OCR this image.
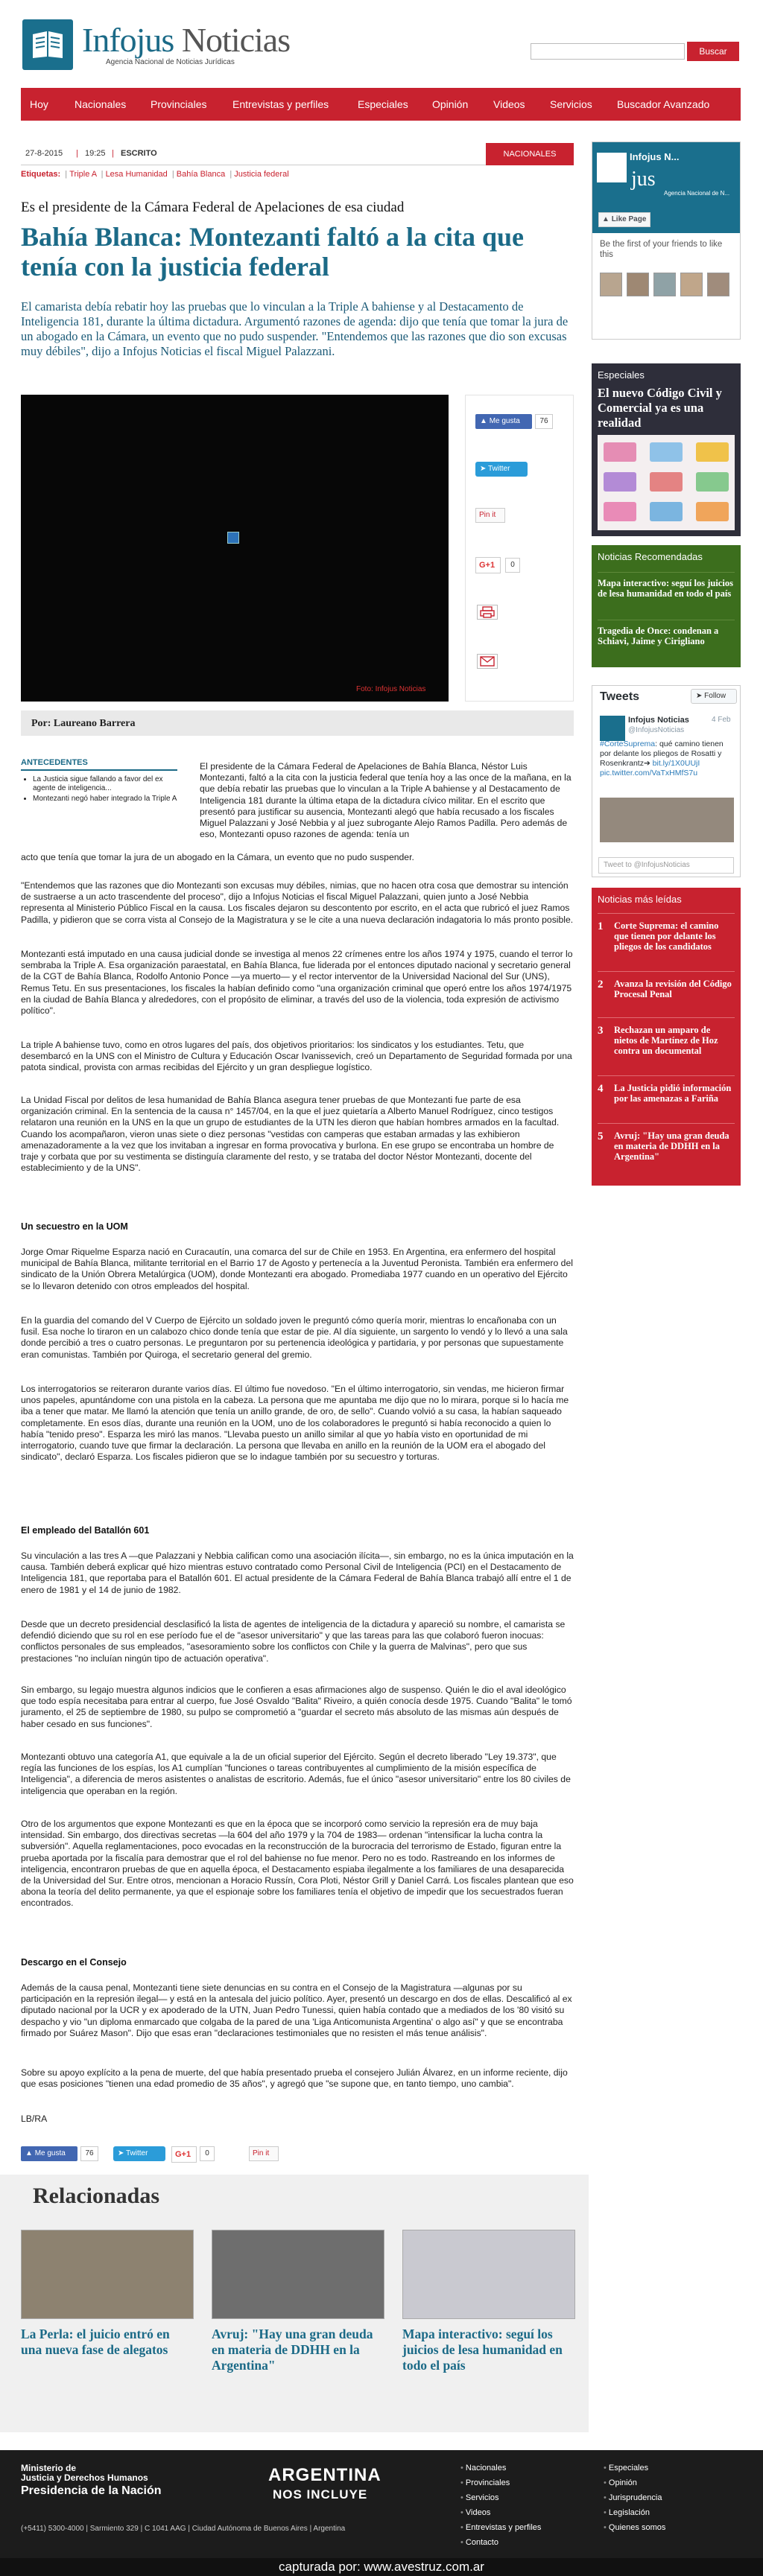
Infojus Noticias
Agencia Nacional de Noticias Jurídicas
Buscar
Hoy	Nacionales Provinciales Entrevistas y perfiles	Especiales Opinión Videos Servicios Buscador Avanzado
27-8-2015 | 19:25 | ESCRITO	NACIONALES
Etiquetas:  | Triple A  | Lesa Humanidad  | Bahía Blanca  | Justicia federal
Es el presidente de la Cámara Federal de Apelaciones de esa ciudad
Bahía Blanca: Montezanti faltó a la cita que tenía con la justicia federal

El camarista debía rebatir hoy las pruebas que lo vinculan a la Triple A bahiense y al Destacamento de Inteligencia 181, durante la última dictadura. Argumentó razones de agenda: dijo que tenía que tomar la jura de un abogado en la Cámara, un evento que no pudo suspender. "Entendemos que las razones que dio son excusas muy débiles", dijo a Infojus Noticias el fiscal Miguel Palazzani.

Foto: Infojus Noticias
▲ Me gusta	76
➤ Twitter
Pin it
G+1	0
Por: Laureano Barrera
ANTECEDENTES
• La Justicia sigue fallando a favor del ex agente de inteligencia...
• Montezanti negó haber integrado la Triple A

El presidente de la Cámara Federal de Apelaciones de Bahía Blanca, Néstor Luis Montezanti, faltó a la cita con la justicia federal que tenía hoy a las once de la mañana, en la que debía rebatir las pruebas que lo vinculan a la Triple A bahiense y al Destacamento de Inteligencia 181 durante la última etapa de la dictadura cívico militar. En el escrito que presentó para justificar su ausencia, Montezanti alegó que había recusado a los fiscales Miguel Palazzani y José Nebbia y al juez subrogante Alejo Ramos Padilla. Pero además de eso, Montezanti opuso razones de agenda: tenía un

acto que tenía que tomar la jura de un abogado en la Cámara, un evento que no pudo suspender.

"Entendemos que las razones que dio Montezanti son excusas muy débiles, nimias, que no hacen otra cosa que demostrar su intención de sustraerse a un acto trascendente del proceso", dijo a Infojus Noticias el fiscal Miguel Palazzani, quien junto a José Nebbia representa al Ministerio Público Fiscal en la causa. Los fiscales dejaron su descontento por escrito, en el acta que rubricó el juez Ramos Padilla, y pidieron que se corra vista al Consejo de la Magistratura y se le cite a una nueva declaración indagatoria lo más pronto posible.

Montezanti está imputado en una causa judicial donde se investiga al menos 22 crímenes entre los años 1974 y 1975, cuando el terror lo sembraba la Triple A. Esa organización paraestatal, en Bahía Blanca, fue liderada por el entonces diputado nacional y secretario general de la CGT de Bahía Blanca, Rodolfo Antonio Ponce —ya muerto— y el rector interventor de la Universidad Nacional del Sur (UNS), Remus Tetu. En sus presentaciones, los fiscales la habían definido como "una organización criminal que operó entre los años 1974/1975 en la ciudad de Bahía Blanca y alrededores, con el propósito de eliminar, a través del uso de la violencia, toda expresión de activismo político".

La triple A bahiense tuvo, como en otros lugares del país, dos objetivos prioritarios: los sindicatos y los estudiantes. Tetu, que desembarcó en la UNS con el Ministro de Cultura y Educación Oscar Ivanissevich, creó un Departamento de Seguridad formada por una patota sindical, provista con armas recibidas del Ejército y un gran despliegue logístico.

La Unidad Fiscal por delitos de lesa humanidad de Bahía Blanca asegura tener pruebas de que Montezanti fue parte de esa organización criminal. En la sentencia de la causa n° 1457/04, en la que el juez quietaría a Alberto Manuel Rodríguez, cinco testigos relataron una reunión en la UNS en la que un grupo de estudiantes de la UTN les dieron que habían hombres armados en la facultad. Cuando los acompañaron, vieron unas siete o diez personas "vestidas con camperas que estaban armadas y las exhibieron amenazadoramente a la vez que los invitaban a ingresar en forma provocativa y burlona. En ese grupo se encontraba un hombre de traje y corbata que por su vestimenta se distinguía claramente del resto, y se trataba del doctor Néstor Montezanti, docente del establecimiento y de la UNS".

Un secuestro en la UOM

Jorge Omar Riquelme Esparza nació en Curacautín, una comarca del sur de Chile en 1953. En Argentina, era enfermero del hospital municipal de Bahía Blanca, militante territorial en el Barrio 17 de Agosto y pertenecía a la Juventud Peronista. También era enfermero del sindicato de la Unión Obrera Metalúrgica (UOM), donde Montezanti era abogado. Promediaba 1977 cuando en un operativo del Ejército se lo llevaron detenido con otros empleados del hospital.

En la guardia del comando del V Cuerpo de Ejército un soldado joven le preguntó cómo quería morir, mientras lo encañonaba con un fusil. Esa noche lo tiraron en un calabozo chico donde tenía que estar de pie. Al día siguiente, un sargento lo vendó y lo llevó a una sala donde percibió a tres o cuatro personas. Le preguntaron por su pertenencia ideológica y partidaria, y por personas que supuestamente eran comunistas. También por Quiroga, el secretario general del gremio.

Los interrogatorios se reiteraron durante varios días. El último fue novedoso. "En el último interrogatorio, sin vendas, me hicieron firmar unos papeles, apuntándome con una pistola en la cabeza. La persona que me apuntaba me dijo que no lo mirara, porque si lo hacía me iba a tener que matar. Me llamó la atención que tenía un anillo grande, de oro, de sello". Cuando volvió a su casa, la habían saqueado completamente. En esos días, durante una reunión en la UOM, uno de los colaboradores le preguntó si había reconocido a quien lo había "tenido preso". Esparza les miró las manos. "Llevaba puesto un anillo similar al que yo había visto en oportunidad de mi interrogatorio, cuando tuve que firmar la declaración. La persona que llevaba en anillo en la reunión de la UOM era el abogado del sindicato", declaró Esparza. Los fiscales pidieron que se lo indague también por su secuestro y torturas.

El empleado del Batallón 601

Su vinculación a las tres A —que Palazzani y Nebbia califican como una asociación ilícita—, sin embargo, no es la única imputación en la causa. También deberá explicar qué hizo mientras estuvo contratado como Personal Civil de Inteligencia (PCI) en el Destacamento de Inteligencia 181, que reportaba para el Batallón 601. El actual presidente de la Cámara Federal de Bahía Blanca trabajó allí entre el 1 de enero de 1981 y el 14 de junio de 1982.

Desde que un decreto presidencial desclasificó la lista de agentes de inteligencia de la dictadura y apareció su nombre, el camarista se defendió diciendo que su rol en ese período fue el de "asesor universitario" y que las tareas para las que colaboró fueron inocuas: conflictos personales de sus empleados, "asesoramiento sobre los conflictos con Chile y la guerra de Malvinas", pero que sus prestaciones "no incluían ningún tipo de actuación operativa".

Sin embargo, su legajo muestra algunos indicios que le confieren a esas afirmaciones algo de suspenso. Quién le dio el aval ideológico que todo espía necesitaba para entrar al cuerpo, fue José Osvaldo "Balita" Riveiro, a quién conocía desde 1975. Cuando "Balita" le tomó juramento, el 25 de septiembre de 1980, su pulpo se comprometió a "guardar el secreto más absoluto de las mismas aún después de haber cesado en sus funciones".

Montezanti obtuvo una categoría A1, que equivale a la de un oficial superior del Ejército. Según el decreto liberado "Ley 19.373", que regía las funciones de los espías, los A1 cumplían "funciones o tareas contribuyentes al cumplimiento de la misión específica de Inteligencia", a diferencia de meros asistentes o analistas de escritorio. Además, fue el único "asesor universitario" entre los 80 civiles de inteligencia que operaban en la región.

Otro de los argumentos que expone Montezanti es que en la época que se incorporó como servicio la represión era de muy baja intensidad. Sin embargo, dos directivas secretas —la 604 del año 1979 y la 704 de 1983— ordenan "intensificar la lucha contra la subversión". Aquella reglamentaciones, poco evocadas en la reconstrucción de la burocracia del terrorismo de Estado, figuran entre la prueba aportada por la fiscalía para demostrar que el rol del bahiense no fue menor. Pero no es todo. Rastreando en los informes de inteligencia, encontraron pruebas de que en aquella época, el Destacamento espiaba ilegalmente a los familiares de una desaparecida de la Universidad del Sur. Entre otros, mencionan a Horacio Russín, Cora Ploti, Néstor Grill y Daniel Carrá. Los fiscales plantean que eso abona la teoría del delito permanente, ya que el espionaje sobre los familiares tenía el objetivo de impedir que los secuestrados fueran encontrados.

Descargo en el Consejo

Además de la causa penal, Montezanti tiene siete denuncias en su contra en el Consejo de la Magistratura —algunas por su participación en la represión ilegal— y está en la antesala del juicio político. Ayer, presentó un descargo en dos de ellas. Descalificó al ex diputado nacional por la UCR y ex apoderado de la UTN, Juan Pedro Tunessi, quien había contado que a mediados de los '80 visitó su despacho y vio "un diploma enmarcado que colgaba de la pared de una 'Liga Anticomunista Argentina' o algo así" y que se encontraba firmado por Suárez Mason". Dijo que esas eran "declaraciones testimoniales que no resisten el más tenue análisis".

Sobre su apoyo explícito a la pena de muerte, del que había presentado prueba el consejero Julián Álvarez, en un informe reciente, dijo que esas posiciones "tienen una edad promedio de 35 años", y agregó que "se supone que, en tanto tiempo, uno cambia".

LB/RA

▲ Me gusta	76	➤ Twitter	G+1	0	Pin it
Relacionadas
La Perla: el juicio entró en una nueva fase de alegatos
Avruj: "Hay una gran deuda en materia de DDHH en la Argentina"
Mapa interactivo: seguí los juicios de lesa humanidad en todo el país
Infojus N...
jus
Agencia Nacional de N...
▲ Like Page
Be the first of your friends to like this
Especiales
El nuevo Código Civil y Comercial ya es una realidad
Noticias Recomendadas
Mapa interactivo: seguí los juicios de lesa humanidad en todo el país
Tragedia de Once: condenan a Schiavi, Jaime y Cirigliano
Tweets	➤ Follow
Infojus Noticias
@InfojusNoticias
4 Feb
#CorteSuprema: qué camino tienen por delante los pliegos de Rosatti y Rosenkrantz➔ bit.ly/1X0UUjI pic.twitter.com/VaTxHMfS7u
Tweet to @InfojusNoticias
Noticias más leídas
1 Corte Suprema: el camino que tienen por delante los pliegos de los candidatos
2 Avanza la revisión del Código Procesal Penal
3 Rechazan un amparo de nietos de Martínez de Hoz contra un documental
4 La Justicia pidió información por las amenazas a Fariña
5 Avruj: "Hay una gran deuda en materia de DDHH en la Argentina"
Ministerio de
Justicia y Derechos Humanos
Presidencia de la Nación
(+5411) 5300-4000 | Sarmiento 329 | C 1041 AAG | Ciudad Autónoma de Buenos Aires | Argentina
ARGENTINA
NOS INCLUYE
• Nacionales
• Provinciales
• Servicios
• Videos
• Entrevistas y perfiles
• Contacto
• Especiales
• Opinión
• Jurisprudencia
• Legislación
• Quienes somos
capturada por: www.avestruz.com.ar
